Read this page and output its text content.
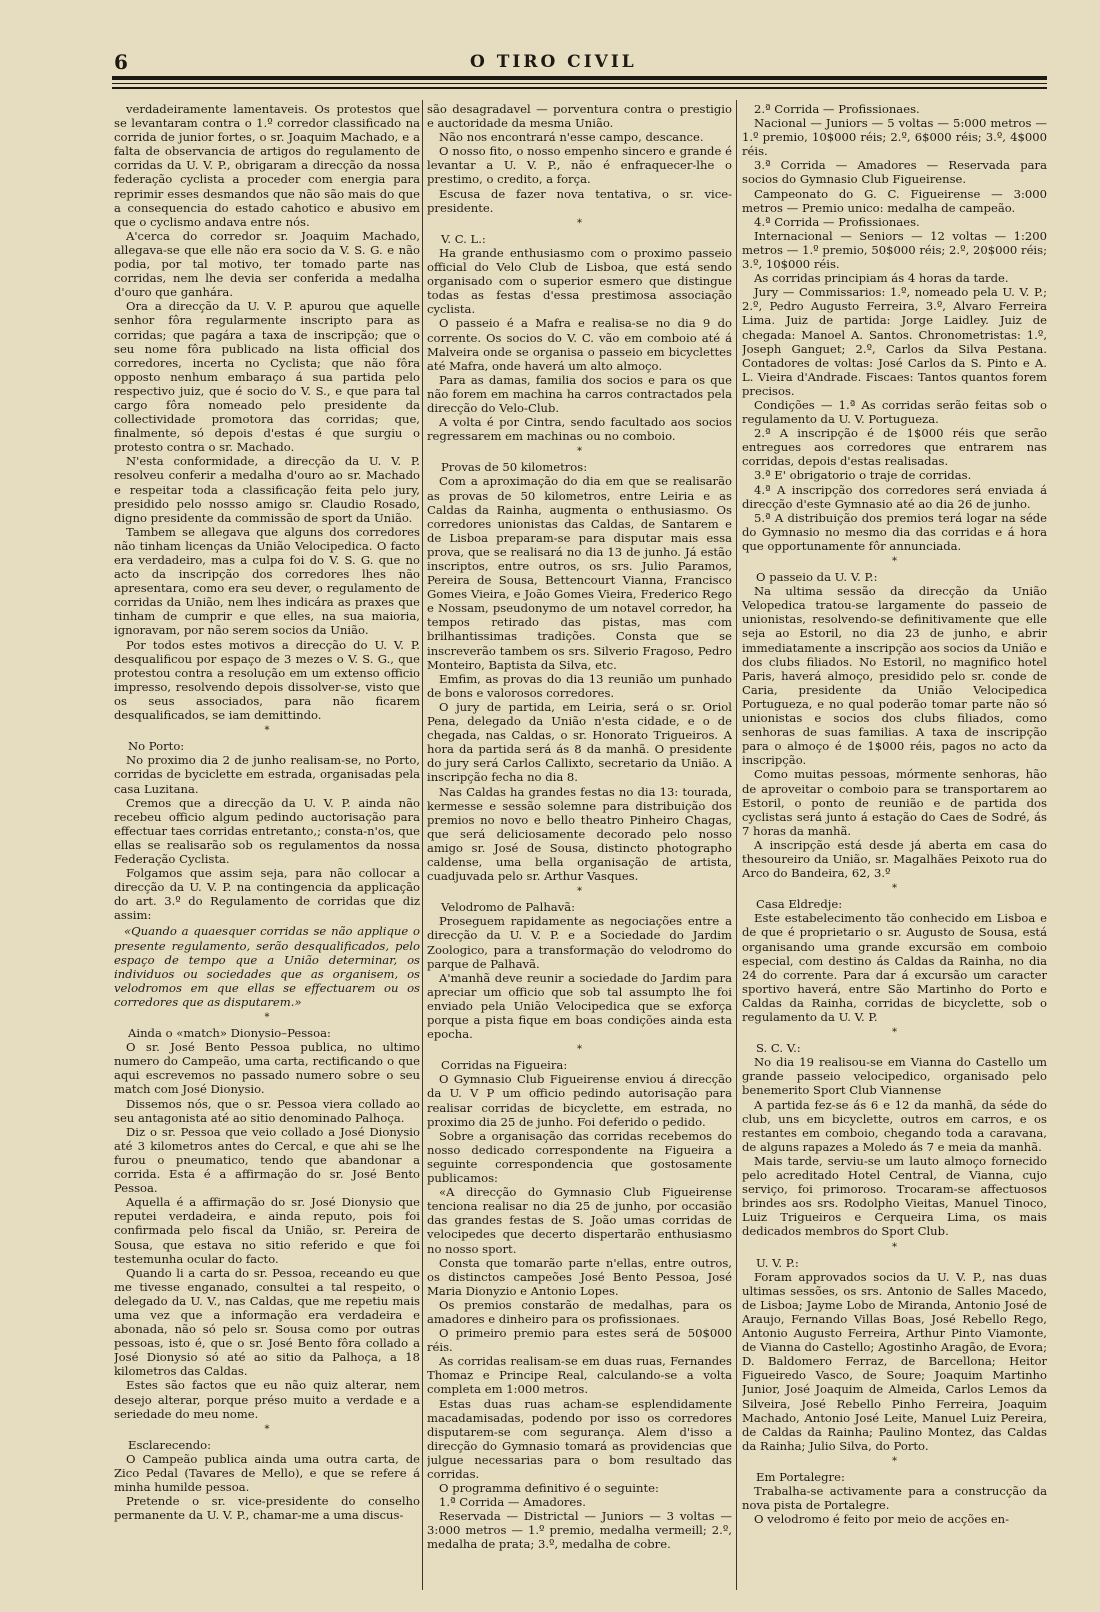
6	O TIRO CIVIL

verdadeiramente lamentaveis. Os protestos que se levantaram contra o 1.º corredor classificado na corrida de junior fortes, o sr. Joaquim Machado, e a falta de observancia de artigos do regulamento de corridas da U. V. P., obrigaram a direcção da nossa federação cyclista a proceder com energia para reprimir esses desmandos que não são mais do que a consequencia do estado cahotico e abusivo em que o cyclismo andava entre nós.

A'cerca do corredor sr. Joaquim Machado, allegava-se que elle não era socio da V. S. G. e não podia, por tal motivo, ter tomado parte nas corridas, nem lhe devia ser conferida a medalha d'ouro que ganhára.

Ora a direcção da U. V. P. apurou que aquelle senhor fôra regularmente inscripto para as corridas; que pagára a taxa de inscripção; que o seu nome fôra publicado na lista official dos corredores, incerta no Cyclista; que não fôra opposto nenhum embaraço á sua partida pelo respectivo juiz, que é socio do V. S., e que para tal cargo fôra nomeado pelo presidente da collectividade promotora das corridas; que, finalmente, só depois d'estas é que surgiu o protesto contra o sr. Machado.

N'esta conformidade, a direcção da U. V. P. resolveu conferir a medalha d'ouro ao sr. Machado e respeitar toda a classificação feita pelo jury, presidido pelo nossso amigo sr. Claudio Rosado, digno presidente da commissão de sport da União.

Tambem se allegava que alguns dos corredores não tinham licenças da União Velocipedica. O facto era verdadeiro, mas a culpa foi do V. S. G. que no acto da inscripção dos corredores lhes não apresentara, como era seu dever, o regulamento de corridas da União, nem lhes indicára as praxes que tinham de cumprir e que elles, na sua maioria, ignoravam, por não serem socios da União.

Por todos estes motivos a direcção do U. V. P. desqualificou por espaço de 3 mezes o V. S. G., que protestou contra a resolução em um extenso officio impresso, resolvendo depois dissolver-se, visto que os seus associados, para não ficarem desqualificados, se iam demittindo.

*

No Porto:

No proximo dia 2 de junho realisam-se, no Porto, corridas de byciclette em estrada, organisadas pela casa Luzitana.

Cremos que a direcção da U. V. P. ainda não recebeu officio algum pedindo auctorisação para effectuar taes corridas entretanto,; consta-n'os, que ellas se realisarão sob os regulamentos da nossa Federação Cyclista.

Folgamos que assim seja, para não collocar a direcção da U. V. P. na contingencia da applicação do art. 3.º do Regulamento de corridas que diz assim:

«Quando a quaesquer corridas se não applique o presente regulamento, serão desqualificados, pelo espaço de tempo que a União determinar, os individuos ou sociedades que as organisem, os velodromos em que ellas se effectuarem ou os corredores que as disputarem.»

*

Ainda o «match» Dionysio–Pessoa:

O sr. José Bento Pessoa publica, no ultimo numero do Campeão, uma carta, rectificando o que aqui escrevemos no passado numero sobre o seu match com José Dionysio.

Dissemos nós, que o sr. Pessoa viera collado ao seu antagonista até ao sitio denominado Palhoça.

Diz o sr. Pessoa que veio collado a José Dionysio até 3 kilometros antes do Cercal, e que ahi se lhe furou o pneumatico, tendo que abandonar a corrida. Esta é a affirmação do sr. José Bento Pessoa.

Aquella é a affirmação do sr. José Dionysio que reputei verdadeira, e ainda reputo, pois foi confirmada pelo fiscal da União, sr. Pereira de Sousa, que estava no sitio referido e que foi testemunha ocular do facto.

Quando li a carta do sr. Pessoa, receando eu que me tivesse enganado, consultei a tal respeito, o delegado da U. V., nas Caldas, que me repetiu mais uma vez que a informação era verdadeira e abonada, não só pelo sr. Sousa como por outras pessoas, isto é, que o sr. José Bento fôra collado a José Dionysio só até ao sitio da Palhoça, a 18 kilometros das Caldas.

Estes são factos que eu não quiz alterar, nem desejo alterar, porque préso muito a verdade e a seriedade do meu nome.

*

Esclarecendo:

O Campeão publica ainda uma outra carta, de Zico Pedal (Tavares de Mello), e que se refere á minha humilde pessoa.

Pretende o sr. vice-presidente do conselho permanente da U. V. P., chamar-me a uma discus-

são desagradavel — porventura contra o prestigio e auctoridade da mesma União.

Não nos encontrará n'esse campo, descance.

O nosso fito, o nosso empenho sincero e grande é levantar a U. V. P., não é enfraquecer-lhe o prestimo, o credito, a força.

Escusa de fazer nova tentativa, o sr. vice-presidente.

*

V. C. L.:

Ha grande enthusiasmo com o proximo passeio official do Velo Club de Lisboa, que está sendo organisado com o superior esmero que distingue todas as festas d'essa prestimosa associação cyclista.

O passeio é a Mafra e realisa-se no dia 9 do corrente. Os socios do V. C. vão em comboio até á Malveira onde se organisa o passeio em bicyclettes até Mafra, onde haverá um alto almoço.

Para as damas, familia dos socios e para os que não forem em machina ha carros contractados pela direcção do Velo-Club.

A volta é por Cintra, sendo facultado aos socios regressarem em machinas ou no comboio.

*

Provas de 50 kilometros:

Com a aproximação do dia em que se realisarão as provas de 50 kilometros, entre Leiria e as Caldas da Rainha, augmenta o enthusiasmo. Os corredores unionistas das Caldas, de Santarem e de Lisboa preparam-se para disputar mais essa prova, que se realisará no dia 13 de junho. Já estão inscriptos, entre outros, os srs. Julio Paramos, Pereira de Sousa, Bettencourt Vianna, Francisco Gomes Vieira, e João Gomes Vieira, Frederico Rego e Nossam, pseudonymo de um notavel corredor, ha tempos retirado das pistas, mas com brilhantissimas tradições. Consta que se inscreverão tambem os srs. Silverio Fragoso, Pedro Monteiro, Baptista da Silva, etc.

Emfim, as provas do dia 13 reunião um punhado de bons e valorosos corredores.

O jury de partida, em Leiria, será o sr. Oriol Pena, delegado da União n'esta cidade, e o de chegada, nas Caldas, o sr. Honorato Trigueiros. A hora da partida será ás 8 da manhã. O presidente do jury será Carlos Callixto, secretario da União. A inscripção fecha no dia 8.

Nas Caldas ha grandes festas no dia 13: tourada, kermesse e sessão solemne para distribuição dos premios no novo e bello theatro Pinheiro Chagas, que será deliciosamente decorado pelo nosso amigo sr. José de Sousa, distincto photographo caldense, uma bella organisação de artista, cuadjuvada pelo sr. Arthur Vasques.

*

Velodromo de Palhavã:

Proseguem rapidamente as negociações entre a direcção da U. V. P. e a Sociedade do Jardim Zoologico, para a transformação do velodromo do parque de Palhavã.

A'manhã deve reunir a sociedade do Jardim para apreciar um officio que sob tal assumpto lhe foi enviado pela União Velocipedica que se exforça porque a pista fique em boas condições ainda esta epocha.

*

Corridas na Figueira:

O Gymnasio Club Figueirense enviou á direcção da U. V P um officio pedindo autorisação para realisar corridas de bicyclette, em estrada, no proximo dia 25 de junho. Foi deferido o pedido.

Sobre a organisação das corridas recebemos do nosso dedicado correspondente na Figueira a seguinte correspondencia que gostosamente publicamos:

«A direcção do Gymnasio Club Figueirense tenciona realisar no dia 25 de junho, por occasião das grandes festas de S. João umas corridas de velocipedes que decerto dispertarão enthusiasmo no nosso sport.

Consta que tomarão parte n'ellas, entre outros, os distinctos campeões José Bento Pessoa, José Maria Dionyzio e Antonio Lopes.

Os premios constarão de medalhas, para os amadores e dinheiro para os profissionaes.

O primeiro premio para estes será de 50$000 réis.

As corridas realisam-se em duas ruas, Fernandes Thomaz e Principe Real, calculando-se a volta completa em 1:000 metros.

Estas duas ruas acham-se esplendidamente macadamisadas, podendo por isso os corredores disputarem-se com segurança. Alem d'isso a direcção do Gymnasio tomará as providencias que julgue necessarias para o bom resultado das corridas.

O programma definitivo é o seguinte:

1.ª Corrida — Amadores.

Reservada — Districtal — Juniors — 3 voltas — 3:000 metros — 1.º premio, medalha vermeill; 2.º, medalha de prata; 3.º, medalha de cobre.

2.ª Corrida — Profissionaes.

Nacional — Juniors — 5 voltas — 5:000 metros — 1.º premio, 10$000 réis; 2.º, 6$000 réis; 3.º, 4$000 réis.

3.ª Corrida — Amadores — Reservada para socios do Gymnasio Club Figueirense.

Campeonato do G. C. Figueirense — 3:000 metros — Premio unico: medalha de campeão.

4.ª Corrida — Profissionaes.

Internacional — Seniors — 12 voltas — 1:200 metros — 1.º premio, 50$000 réis; 2.º, 20$000 réis; 3.º, 10$000 réis.

As corridas principiam ás 4 horas da tarde.

Jury — Commissarios: 1.º, nomeado pela U. V. P.; 2.º, Pedro Augusto Ferreira, 3.º, Alvaro Ferreira Lima. Juiz de partida: Jorge Laidley. Juiz de chegada: Manoel A. Santos. Chronometristas: 1.º, Joseph Ganguet; 2.º, Carlos da Silva Pestana. Contadores de voltas: José Carlos da S. Pinto e A. L. Vieira d'Andrade. Fiscaes: Tantos quantos forem precisos.

Condições — 1.ª As corridas serão feitas sob o regulamento da U. V. Portugueza.

2.ª A inscripção é de 1$000 réis que serão entregues aos corredores que entrarem nas corridas, depois d'estas realisadas.

3.ª E' obrigatorio o traje de corridas.

4.ª A inscripção dos corredores será enviada á direcção d'este Gymnasio até ao dia 26 de junho.

5.ª A distribuição dos premios terá logar na séde do Gymnasio no mesmo dia das corridas e á hora que opportunamente fôr annunciada.

*

O passeio da U. V. P.:

Na ultima sessão da direcção da União Velopedica tratou-se largamente do passeio de unionistas, resolvendo-se definitivamente que elle seja ao Estoril, no dia 23 de junho, e abrir immediatamente a inscripção aos socios da União e dos clubs filiados. No Estoril, no magnifico hotel Paris, haverá almoço, presidido pelo sr. conde de Caria, presidente da União Velocipedica Portugueza, e no qual poderão tomar parte não só unionistas e socios dos clubs filiados, como senhoras de suas familias. A taxa de inscripção para o almoço é de 1$000 réis, pagos no acto da inscripção.

Como muitas pessoas, mórmente senhoras, hão de aproveitar o comboio para se transportarem ao Estoril, o ponto de reunião e de partida dos cyclistas será junto á estação do Caes de Sodré, ás 7 horas da manhã.

A inscripção está desde já aberta em casa do thesoureiro da União, sr. Magalhães Peixoto rua do Arco do Bandeira, 62, 3.º

*

Casa Eldredje:

Este estabelecimento tão conhecido em Lisboa e de que é proprietario o sr. Augusto de Sousa, está organisando uma grande excursão em comboio especial, com destino ás Caldas da Rainha, no dia 24 do corrente. Para dar á excursão um caracter sportivo haverá, entre São Martinho do Porto e Caldas da Rainha, corridas de bicyclette, sob o regulamento da U. V. P.

*

S. C. V.:

No dia 19 realisou-se em Vianna do Castello um grande passeio velocipedico, organisado pelo benemerito Sport Club Viannense

A partida fez-se ás 6 e 12 da manhã, da séde do club, uns em bicyclette, outros em carros, e os restantes em comboio, chegando toda a caravana, de alguns rapazes a Moledo ás 7 e meia da manhã.

Mais tarde, serviu-se um lauto almoço fornecido pelo acreditado Hotel Central, de Vianna, cujo serviço, foi primoroso. Trocaram-se affectuosos brindes aos srs. Rodolpho Vieitas, Manuel Tinoco, Luiz Trigueiros e Cerqueira Lima, os mais dedicados membros do Sport Club.

*

U. V. P.:

Foram approvados socios da U. V. P., nas duas ultimas sessões, os srs. Antonio de Salles Macedo, de Lisboa; Jayme Lobo de Miranda, Antonio José de Araujo, Fernando Villas Boas, José Rebello Rego, Antonio Augusto Ferreira, Arthur Pinto Viamonte, de Vianna do Castello; Agostinho Aragão, de Evora; D. Baldomero Ferraz, de Barcellona; Heitor Figueiredo Vasco, de Soure; Joaquim Martinho Junior, José Joaquim de Almeida, Carlos Lemos da Silveira, José Rebello Pinho Ferreira, Joaquim Machado, Antonio José Leite, Manuel Luiz Pereira, de Caldas da Rainha; Paulino Montez, das Caldas da Rainha; Julio Silva, do Porto.

*

Em Portalegre:

Trabalha-se activamente para a construcção da nova pista de Portalegre.

O velodromo é feito por meio de acções en-
